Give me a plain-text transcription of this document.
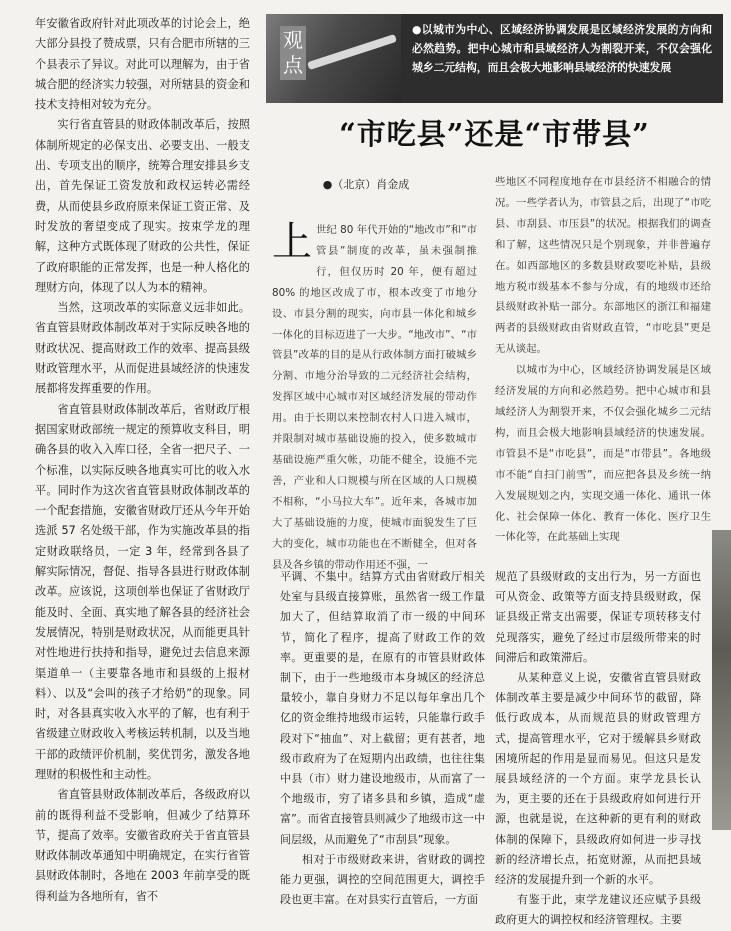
年安徽省政府针对此项改革的讨论会上，绝大部分县投了赞成票，只有合肥市所辖的三个县表示了异议。对此可以理解为，由于省城合肥的经济实力较强，对所辖县的资金和技术支持相对较为充分。

实行省直管县的财政体制改革后，按照体制所规定的必保支出、必要支出、一般支出、专项支出的顺序，统筹合理安排县乡支出，首先保证工资发放和政权运转必需经费，从而使县乡政府原来保证工资正常、及时发放的奢望变成了现实。按束学龙的理解，这种方式既体现了财政的公共性，保证了政府职能的正常发挥，也是一种人格化的理财方向，体现了以人为本的精神。

当然，这项改革的实际意义远非如此。省直管县财政体制改革对于实际反映各地的财政状况、提高财政工作的效率、提高县级财政管理水平，从而促进县域经济的快速发展都将发挥重要的作用。

省直管县财政体制改革后，省财政厅根据国家财政部统一规定的预算收支科目，明确各县的收入入库口径，全省一把尺子、一个标准，以实际反映各地真实可比的收入水平。同时作为这次省直管县财政体制改革的一个配套措施，安徽省财政厅还从今年开始选派 57 名处级干部，作为实施改革县的指定财政联络员，一定 3 年，经常到各县了解实际情况，督促、指导各县进行财政体制改革。应该说，这项创举也保证了省财政厅能及时、全面、真实地了解各县的经济社会发展情况，特别是财政状况，从而能更具针对性地进行扶持和指导，避免过去信息来源渠道单一（主要靠各地市和县级的上报材料）、以及“会叫的孩子才给奶”的现象。同时，对各县真实收入水平的了解，也有利于省级建立财政收入考核运转机制，以及当地干部的政绩评价机制，奖优罚劣，激发各地理财的积极性和主动性。

省直管县财政体制改革后，各级政府以前的既得利益不受影响，但减少了结算环节，提高了效率。安徽省政府关于省直管县财政体制改革通知中明确规定，在实行省管县财政体制时，各地在 2003 年前享受的既得利益为各地所有，省不

观点
●以城市为中心、区域经济协调发展是区域经济发展的方向和必然趋势。把中心城市和县域经济人为割裂开来，不仅会强化城乡二元结构，而且会极大地影响县域经济的快速发展
“市吃县”还是“市带县”
●（北京）肖金成
上 世纪 80 年代开始的“地改市”和“市管县”制度的改革，虽未强制推行，但仅历时 20 年，便有超过 80% 的地区改成了市，根本改变了市地分设、市县分割的现实，向市县一体化和城乡一体化的目标迈进了一大步。“地改市”、“市管县”改革的目的是从行政体制方面打破城乡分割、市地分治导致的二元经济社会结构，发挥区域中心城市对区域经济发展的带动作用。由于长期以来控制农村人口进入城市，并限制对城市基础设施的投入，使多数城市基础设施严重欠帐，功能不健全，设施不完善，产业和人口规模与所在区域的人口规模不相称，“小马拉大车”。近年来，各城市加大了基础设施的力度，使城市面貌发生了巨大的变化，城市功能也在不断健全，但对各县及各乡镇的带动作用还不强，一

些地区不同程度地存在市县经济不相融合的情况。一些学者认为，市管县之后，出现了“市吃县、市刮县、市压县”的状况。根据我们的调查和了解，这些情况只是个别现象，并非普遍存在。如西部地区的多数县财政要吃补贴，县级地方税市级基本不参与分成，有的地级市还给县级财政补贴一部分。东部地区的浙江和福建两者的县级财政由省财政直管，“市吃县”更是无从谈起。

以城市为中心，区域经济协调发展是区域经济发展的方向和必然趋势。把中心城市和县域经济人为割裂开来，不仅会强化城乡二元结构，而且会极大地影响县域经济的快速发展。市管县不是“市吃县”，而是“市带县”。各地级市不能“自扫门前雪”，而应把各县及乡统一纳入发展规划之内，实现交通一体化、通讯一体化、社会保障一体化、教育一体化、医疗卫生一体化等，在此基础上实现

平调、不集中。结算方式由省财政厅相关处室与县级直接算账，虽然省一级工作量加大了，但结算取消了市一级的中间环节，简化了程序，提高了财政工作的效率。更重要的是，在原有的市管县财政体制下，由于一些地级市本身城区的经济总量较小，靠自身财力不足以每年拿出几个亿的资金维持地级市运转，只能靠行政手段对下“抽血”、对上截留；更有甚者，地级市政府为了在短期内出政绩，也往往集中县（市）财力建设地级市，从而富了一个地级市，穷了诸多县和乡镇，造成“虚富”。而省直接管县则减少了地级市这一中间层级，从而避免了“市刮县”现象。

相对于市级财政来讲，省财政的调控能力更强，调控的空间范围更大，调控手段也更丰富。在对县实行直管后，一方面

规范了县级财政的支出行为，另一方面也可从资金、政策等方面支持县级财政，保证县级正常支出需要，保证专项转移支付兑现落实，避免了经过市层级所带来的时间滞后和政策滞后。

从某种意义上说，安徽省直管县财政体制改革主要是减少中间环节的截留，降低行政成本，从而规范县的财政管理方式，提高管理水平，它对于缓解县乡财政困境所起的作用是显而易见。但这只是发展县域经济的一个方面。束学龙县长认为，更主要的还在于县级政府如何进行开源，也就是说，在这种新的更有利的财政体制的保障下，县级政府如何进一步寻找新的经济增长点，拓宽财源，从而把县域经济的发展提升到一个新的水平。

有鉴于此，束学龙建议还应赋予县级政府更大的调控权和经济管理权。主要
